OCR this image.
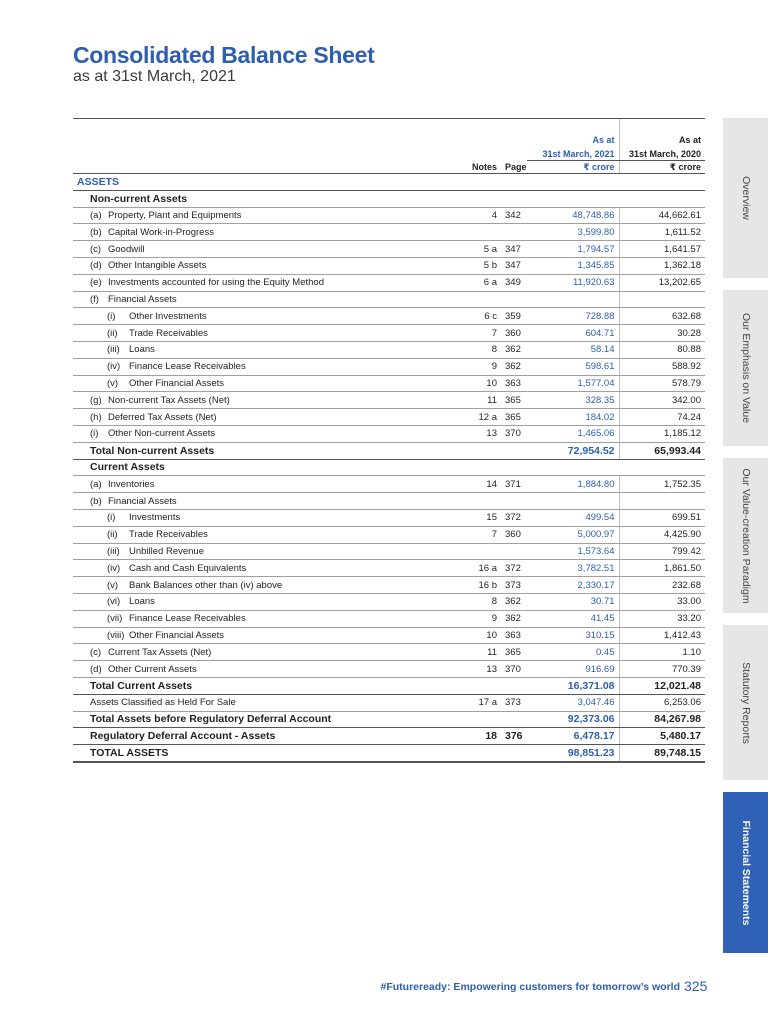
Consolidated Balance Sheet
as at 31st March, 2021
			As at	As at
			31st March, 2021	31st March, 2020
	Notes	Page	₹ crore	₹ crore
ASSETS				
Non-current Assets				
(a) Property, Plant and Equipments	4	342	48,748.86	44,662.61
(b) Capital Work-in-Progress			3,599.80	1,611.52
(c) Goodwill	5 a	347	1,794.57	1,641.57
(d) Other Intangible Assets	5 b	347	1,345.85	1,362.18
(e) Investments accounted for using the Equity Method	6 a	349	11,920.63	13,202.65
(f) Financial Assets				
(i) Other Investments	6 c	359	728.88	632.68
(ii) Trade Receivables	7	360	604.71	30.28
(iii) Loans	8	362	58.14	80.88
(iv) Finance Lease Receivables	9	362	598.61	588.92
(v) Other Financial Assets	10	363	1,577.04	578.79
(g) Non-current Tax Assets (Net)	11	365	328.35	342.00
(h) Deferred Tax Assets (Net)	12 a	365	184.02	74.24
(i) Other Non-current Assets	13	370	1,465.06	1,185.12
Total Non-current Assets			72,954.52	65,993.44
Current Assets				
(a) Inventories	14	371	1,884.80	1,752.35
(b) Financial Assets				
(i) Investments	15	372	499.54	699.51
(ii) Trade Receivables	7	360	5,000.97	4,425.90
(iii) Unbilled Revenue			1,573.64	799.42
(iv) Cash and Cash Equivalents	16 a	372	3,782.51	1,861.50
(v) Bank Balances other than (iv) above	16 b	373	2,330.17	232.68
(vi) Loans	8	362	30.71	33.00
(vii) Finance Lease Receivables	9	362	41.45	33.20
(viii) Other Financial Assets	10	363	310.15	1,412.43
(c) Current Tax Assets (Net)	11	365	0.45	1.10
(d) Other Current Assets	13	370	916.69	770.39
Total Current Assets			16,371.08	12,021.48
Assets Classified as Held For Sale	17 a	373	3,047.46	6,253.06
Total Assets before Regulatory Deferral Account			92,373.06	84,267.98
Regulatory Deferral Account - Assets	18	376	6,478.17	5,480.17
TOTAL ASSETS			98,851.23	89,748.15
Overview
Our Emphasis on Value
Our Value-creation Paradigm
Statutory Reports
Financial Statements
#Futureready: Empowering customers for tomorrow’s world 325
